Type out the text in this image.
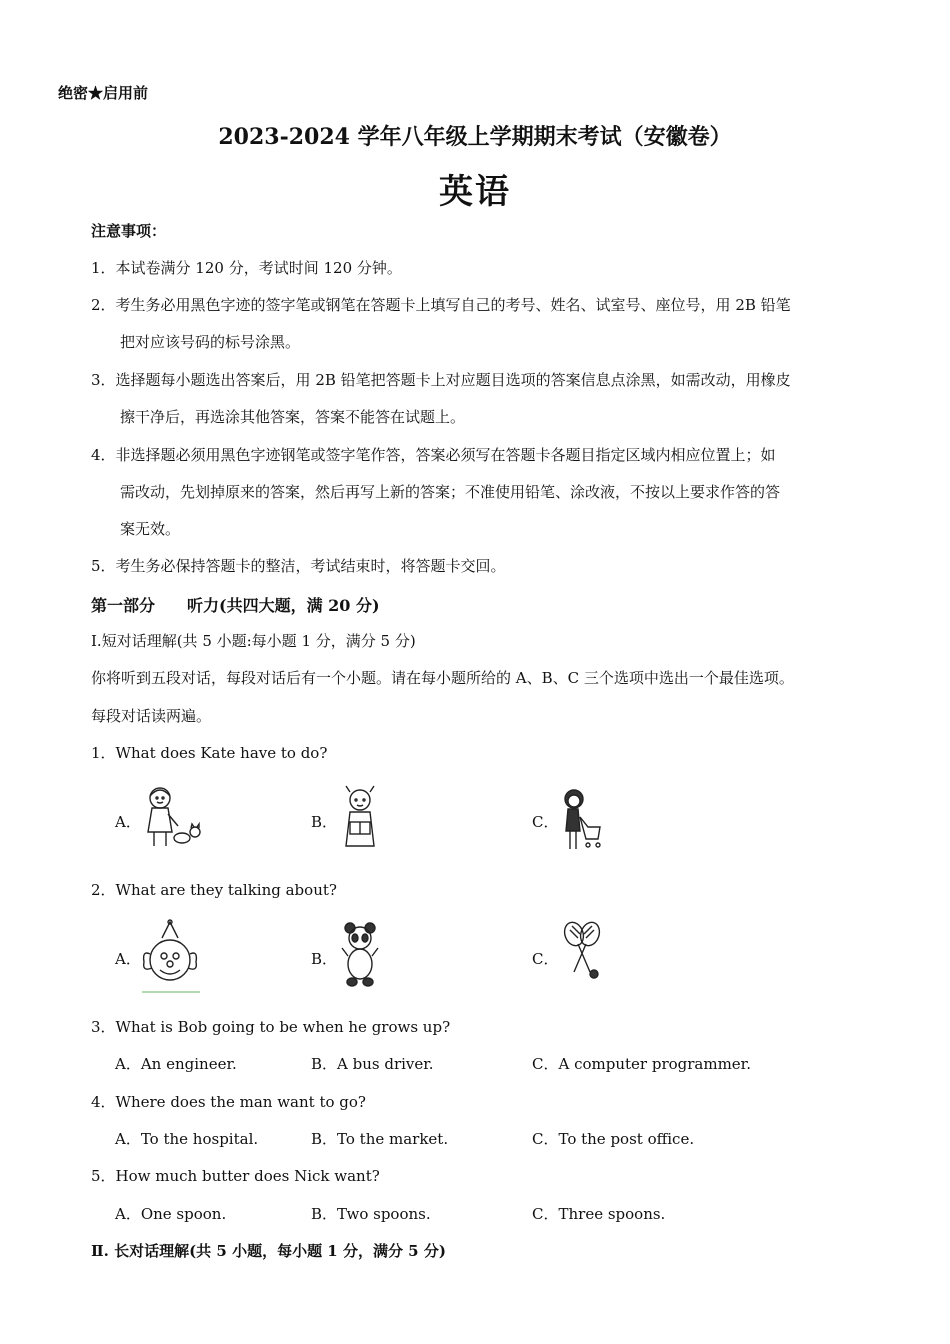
绝密★启用前
2023-2024 学年八年级上学期期末考试（安徽卷）
英语
注意事项：
1．本试卷满分 120 分，考试时间 120 分钟。
2．考生务必用黑色字迹的签字笔或钢笔在答题卡上填写自己的考号、姓名、试室号、座位号，用 2B 铅笔
把对应该号码的标号涂黑。
3．选择题每小题选出答案后，用 2B 铅笔把答题卡上对应题目选项的答案信息点涂黑，如需改动，用橡皮
擦干净后，再选涂其他答案，答案不能答在试题上。
4．非选择题必须用黑色字迹钢笔或签字笔作答，答案必须写在答题卡各题目指定区域内相应位置上；如
需改动，先划掉原来的答案，然后再写上新的答案；不准使用铅笔、涂改液，不按以上要求作答的答
案无效。
5．考生务必保持答题卡的整洁，考试结束时，将答题卡交回。
第一部分　　听力(共四大题，满 20 分)
Ⅰ.短对话理解(共 5 小题:每小题 1 分，满分 5 分)
你将听到五段对话，每段对话后有一个小题。请在每小题所给的 A、B、C 三个选项中选出一个最佳选项。
每段对话读两遍。
1．What does Kate have to do?
A．	B．	C．
2．What are they talking about?
A．	B．	C．
3．What is Bob going to be when he grows up?
A．An engineer.	B．A bus driver.	C．A computer programmer.
4．Where does the man want to go?
A．To the hospital.	B．To the market.	C．To the post office.
5．How much butter does Nick want?
A．One spoon.	B．Two spoons.	C．Three spoons.
Ⅱ. 长对话理解(共 5 小题，每小题 1 分，满分 5 分)
